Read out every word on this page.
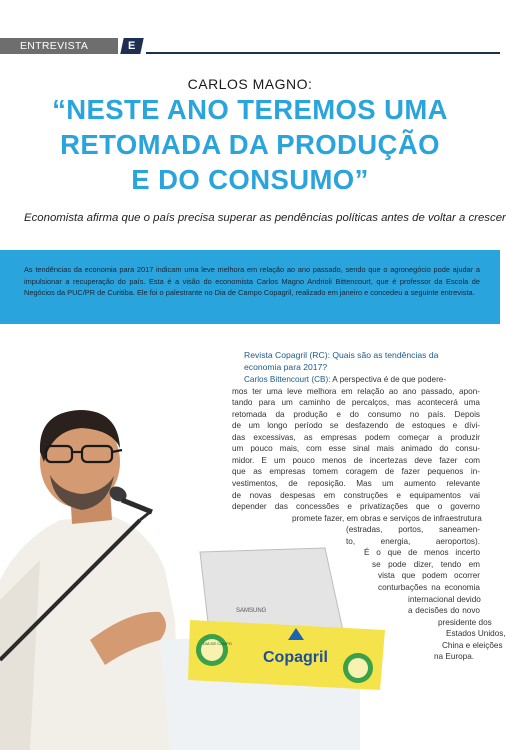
ENTREVISTA	E
CARLOS MAGNO:
“NESTE ANO TEREMOS UMA
RETOMADA DA PRODUÇÃO
E DO CONSUMO”
Economista afirma que o país precisa superar as pendências políticas antes de voltar a crescer

As tendências da economia para 2017 indicam uma leve melhora em relação ao ano passado, sendo que o agronegócio pode ajudar a impulsionar a recuperação do país. Esta é a visão do economista Carlos Magno Andrioli Bittencourt, que é professor da Escola de Negócios da PUC/PR de Curitiba. Ele foi o palestrante no Dia de Campo Copagril, realizado em janeiro e concedeu a seguinte entrevista.

SAMSUNG
DIA DE CAMPO
Copagril
Revista Copagril (RC): Quais são as tendências da
economia para 2017?
Carlos Bittencourt (CB): A perspectiva é de que podere-
mos ter uma leve melhora em relação ao ano passado, apon-
tando para um caminho de percalços, mas acontecerá uma
retomada da produção e do consumo no país. Depois
de um longo período se desfazendo de estoques e dívi-
das excessivas, as empresas podem começar a produzir
um pouco mais, com esse sinal mais animado do consu-
midor. E um pouco menos de incertezas deve fazer com
que as empresas tomem coragem de fazer pequenos in-
vestimentos, de reposição. Mas um aumento relevante
de novas despesas em construções e equipamentos vai
depender das concessões e privatizações que o governo
promete fazer, em obras e serviços de infraestrutura
(estradas, portos, saneamen-
to, energia, aeroportos).
É o que de menos incerto
se pode dizer, tendo em
vista que podem ocorrer
conturbações na economia
internacional devido
a decisões do novo
presidente dos
Estados Unidos,
China e eleições
na Europa.
